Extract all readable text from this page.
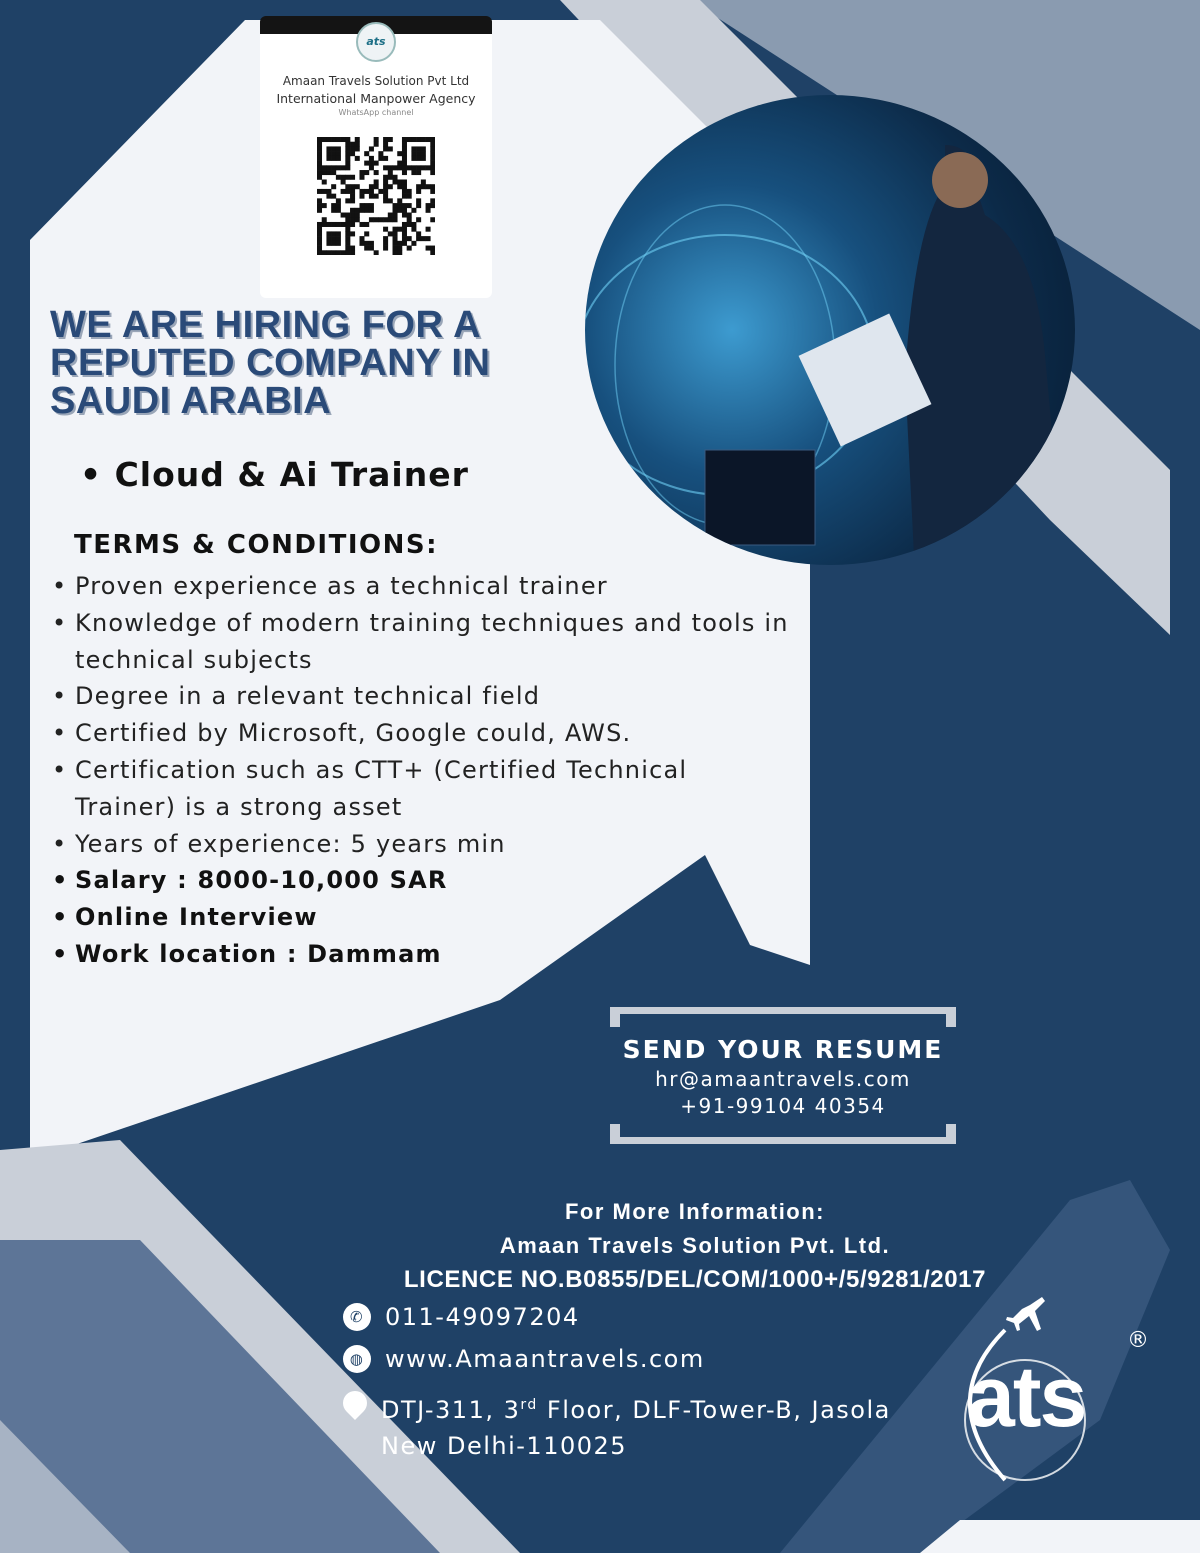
ats
Amaan Travels Solution Pvt Ltd
International Manpower Agency
WhatsApp channel
WE ARE HIRING FOR A
REPUTED COMPANY IN
SAUDI ARABIA
• Cloud & Ai Trainer
TERMS & CONDITIONS:
• Proven experience as a technical trainer
• Knowledge of modern training techniques and tools in technical subjects
• Degree in a relevant technical field
• Certified by Microsoft, Google could, AWS.
• Certification such as CTT+ (Certified Technical Trainer) is a strong asset
• Years of experience: 5 years min
• Salary : 8000-10,000 SAR
• Online Interview
• Work location : Dammam
SEND YOUR RESUME
hr@amaantravels.com
+91-99104 40354
For More Information:
Amaan Travels Solution Pvt. Ltd.
LICENCE NO.B0855/DEL/COM/1000+/5/9281/2017
✆ 011-49097204
◍ www.Amaantravels.com
DTJ-311, 3rd Floor, DLF-Tower-B, Jasola
New Delhi-110025
ats
®
